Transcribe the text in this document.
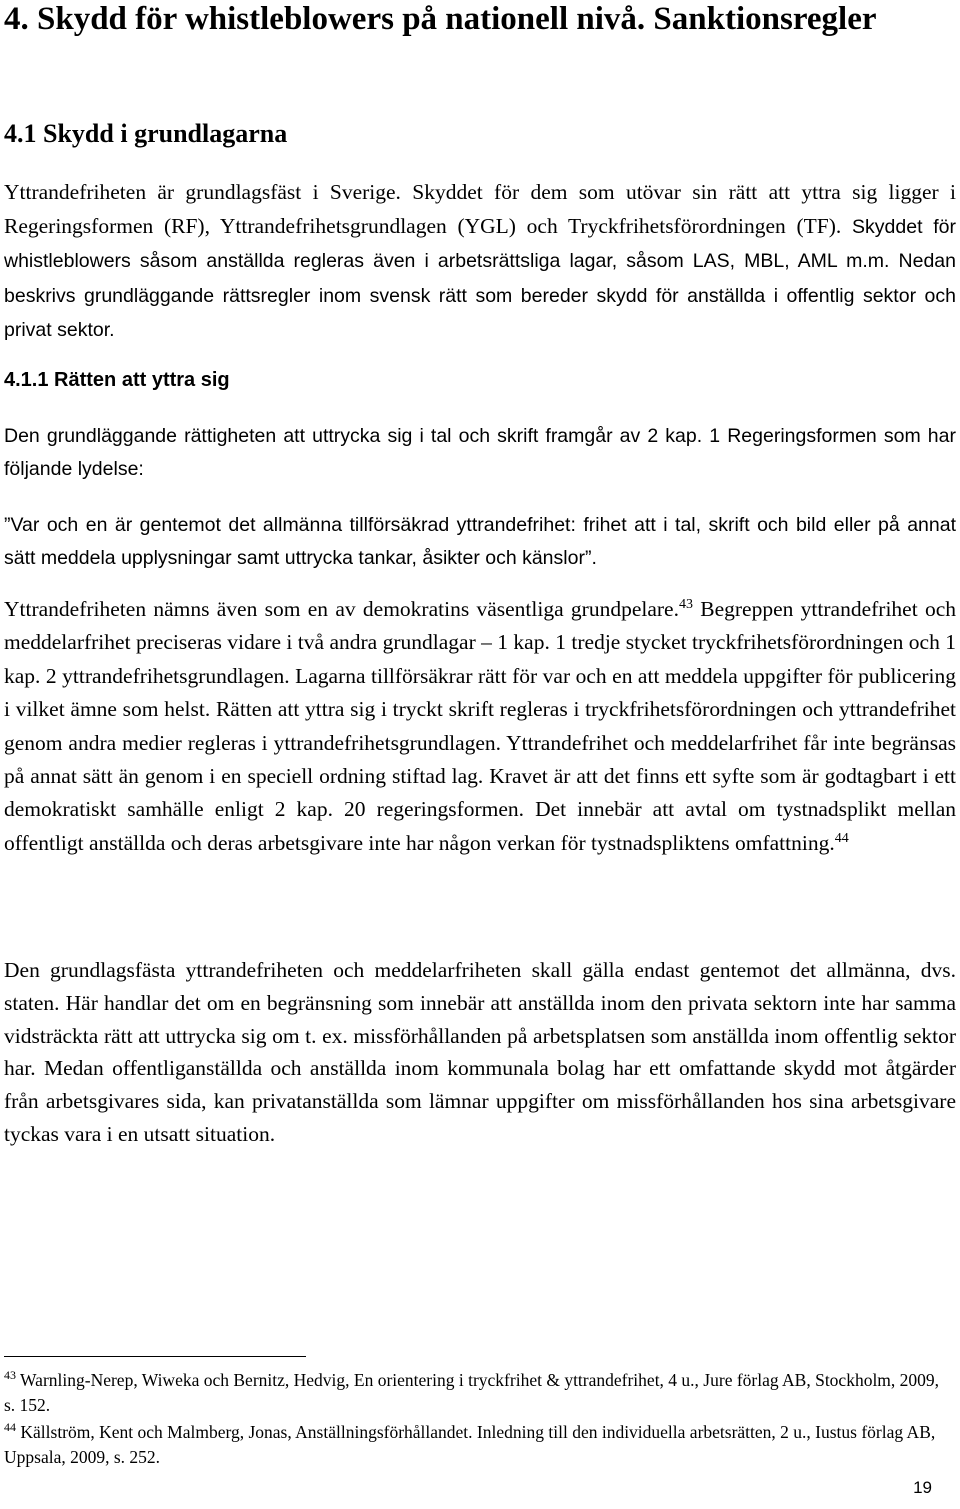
4. Skydd för whistleblowers på nationell nivå. Sanktionsregler
4.1 Skydd i grundlagarna

Yttrandefriheten är grundlagsfäst i Sverige. Skyddet för dem som utövar sin rätt att yttra sig ligger i Regeringsformen (RF), Yttrandefrihetsgrundlagen (YGL) och Tryckfrihetsförordningen (TF). Skyddet för whistleblowers såsom anställda regleras även i arbetsrättsliga lagar, såsom LAS, MBL, AML m.m. Nedan beskrivs grundläggande rättsregler inom svensk rätt som bereder skydd för anställda i offentlig sektor och privat sektor.

4.1.1 Rätten att yttra sig

Den grundläggande rättigheten att uttrycka sig i tal och skrift framgår av 2 kap. 1 Regeringsformen som har följande lydelse:

”Var och en är gentemot det allmänna tillförsäkrad yttrandefrihet: frihet att i tal, skrift och bild eller på annat sätt meddela upplysningar samt uttrycka tankar, åsikter och känslor”.

Yttrandefriheten nämns även som en av demokratins väsentliga grundpelare.$^{43}$ Begreppen yttrandefrihet och meddelarfrihet preciseras vidare i två andra grundlagar – 1 kap. 1 tredje stycket tryckfrihetsförordningen och 1 kap. 2 yttrandefrihetsgrundlagen. Lagarna tillförsäkrar rätt för var och en att meddela uppgifter för publicering i vilket ämne som helst. Rätten att yttra sig i tryckt skrift regleras i tryckfrihetsförordningen och yttrandefrihet genom andra medier regleras i yttrandefrihetsgrundlagen. Yttrandefrihet och meddelarfrihet får inte begränsas på annat sätt än genom i en speciell ordning stiftad lag. Kravet är att det finns ett syfte som är godtagbart i ett demokratiskt samhälle enligt 2 kap. 20 regeringsformen. Det innebär att avtal om tystnadsplikt mellan offentligt anställda och deras arbetsgivare inte har någon verkan för tystnadspliktens omfattning.$^{44}$

Den grundlagsfästa yttrandefriheten och meddelarfriheten skall gälla endast gentemot det allmänna, dvs. staten. Här handlar det om en begränsning som innebär att anställda inom den privata sektorn inte har samma vidsträckta rätt att uttrycka sig om t. ex. missförhållanden på arbetsplatsen som anställda inom offentlig sektor har. Medan offentliganställda och anställda inom kommunala bolag har ett omfattande skydd mot åtgärder från arbetsgivares sida, kan privatanställda som lämnar uppgifter om missförhållanden hos sina arbetsgivare tyckas vara i en utsatt situation.

$^{43}$ Warnling-Nerep, Wiweka och Bernitz, Hedvig, En orientering i tryckfrihet & yttrandefrihet, 4 u., Jure förlag AB, Stockholm, 2009, s. 152.

$^{44}$ Källström, Kent och Malmberg, Jonas, Anställningsförhållandet. Inledning till den individuella arbetsrätten, 2 u., Iustus förlag AB, Uppsala, 2009, s. 252.

19
